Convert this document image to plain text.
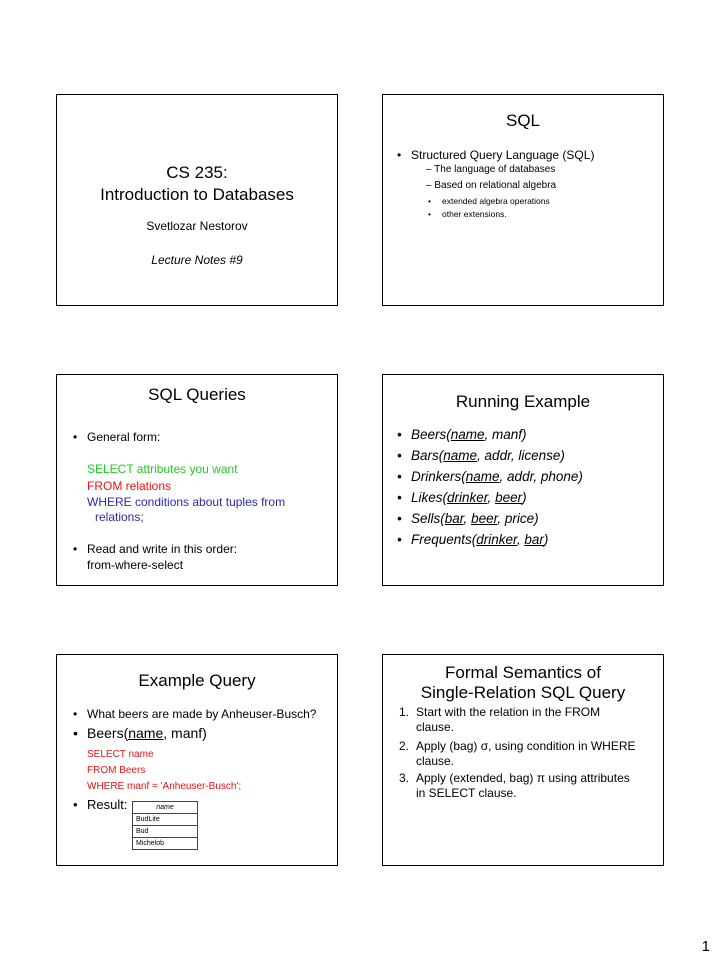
CS 235:
Introduction to Databases
Svetlozar Nestorov
Lecture Notes #9
SQL
• Structured Query Language (SQL)
– The language of databases
– Based on relational algebra
• extended algebra operations
• other extensions.
SQL Queries
• General form:
SELECT attributes you want
FROM relations
WHERE conditions about tuples from
relations;
• Read and write in this order:
from-where-select
Running Example
• Beers(name, manf)
• Bars(name, addr, license)
• Drinkers(name, addr, phone)
• Likes(drinker, beer)
• Sells(bar, beer, price)
• Frequents(drinker, bar)
Example Query
• What beers are made by Anheuser-Busch?
• Beers(name, manf)
SELECT name
FROM Beers
WHERE manf = 'Anheuser-Busch';
• Result:	name
BudLite
Bud
Michelob
Formal Semantics of
Single-Relation SQL Query
1. Start with the relation in the FROM
clause.
2. Apply (bag) σ, using condition in WHERE
clause.
3. Apply (extended, bag) π using attributes
in SELECT clause.
1
